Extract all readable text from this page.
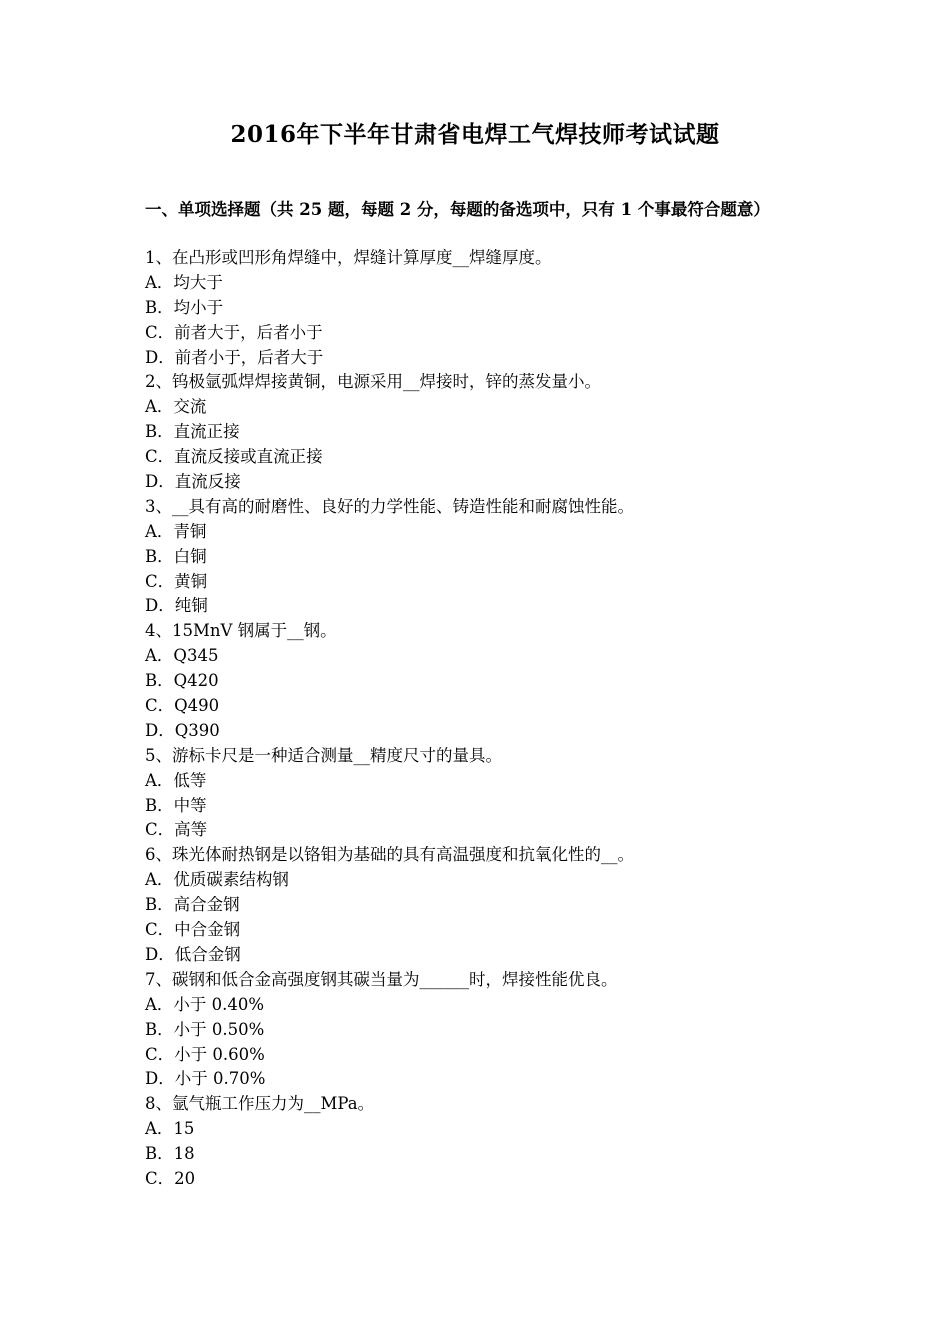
2016年下半年甘肃省电焊工气焊技师考试试题
一、单项选择题（共 25 题，每题 2 分，每题的备选项中，只有 1 个事最符合题意）
1、在凸形或凹形角焊缝中，焊缝计算厚度__焊缝厚度。
A．均大于
B．均小于
C．前者大于，后者小于
D．前者小于，后者大于
2、钨极氩弧焊焊接黄铜，电源采用__焊接时，锌的蒸发量小。
A．交流
B．直流正接
C．直流反接或直流正接
D．直流反接
3、__具有高的耐磨性、良好的力学性能、铸造性能和耐腐蚀性能。
A．青铜
B．白铜
C．黄铜
D．纯铜
4、15MnV 钢属于__钢。
A．Q345
B．Q420
C．Q490
D．Q390
5、游标卡尺是一种适合测量__精度尺寸的量具。
A．低等
B．中等
C．高等
6、珠光体耐热钢是以铬钼为基础的具有高温强度和抗氧化性的__。
A．优质碳素结构钢
B．高合金钢
C．中合金钢
D．低合金钢
7、碳钢和低合金高强度钢其碳当量为______时，焊接性能优良。
A．小于 0.40%
B．小于 0.50%
C．小于 0.60%
D．小于 0.70%
8、氩气瓶工作压力为__MPa。
A．15
B．18
C．20
